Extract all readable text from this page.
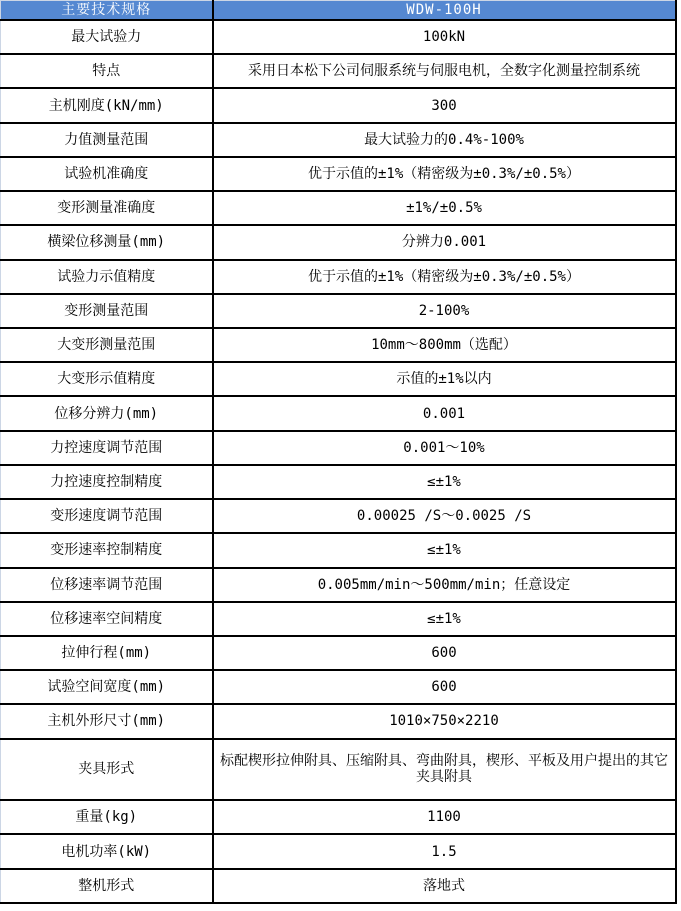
主要技术规格	WDW-100H
最大试验力	100kN
特点	采用日本松下公司伺服系统与伺服电机，全数字化测量控制系统
主机刚度(kN/mm)	300
力值测量范围	最大试验力的0.4%-100%
试验机准确度	优于示值的±1%（精密级为±0.3%/±0.5%）
变形测量准确度	±1%/±0.5%
横梁位移测量(mm)	分辨力0.001
试验力示值精度	优于示值的±1%（精密级为±0.3%/±0.5%）
变形测量范围	2-100%
大变形测量范围	10mm～800mm（选配）
大变形示值精度	示值的±1%以内
位移分辨力(mm)	0.001
力控速度调节范围	0.001～10%
力控速度控制精度	≤±1%
变形速度调节范围	0.00025 /S～0.0025 /S
变形速率控制精度	≤±1%
位移速率调节范围	0.005mm/min～500mm/min；任意设定
位移速率空间精度	≤±1%
拉伸行程(mm)	600
试验空间宽度(mm)	600
主机外形尺寸(mm)	1010×750×2210
夹具形式	标配楔形拉伸附具、压缩附具、弯曲附具，楔形、平板及用户提出的其它夹具附具
重量(kg)	1100
电机功率(kW)	1.5
整机形式	落地式
